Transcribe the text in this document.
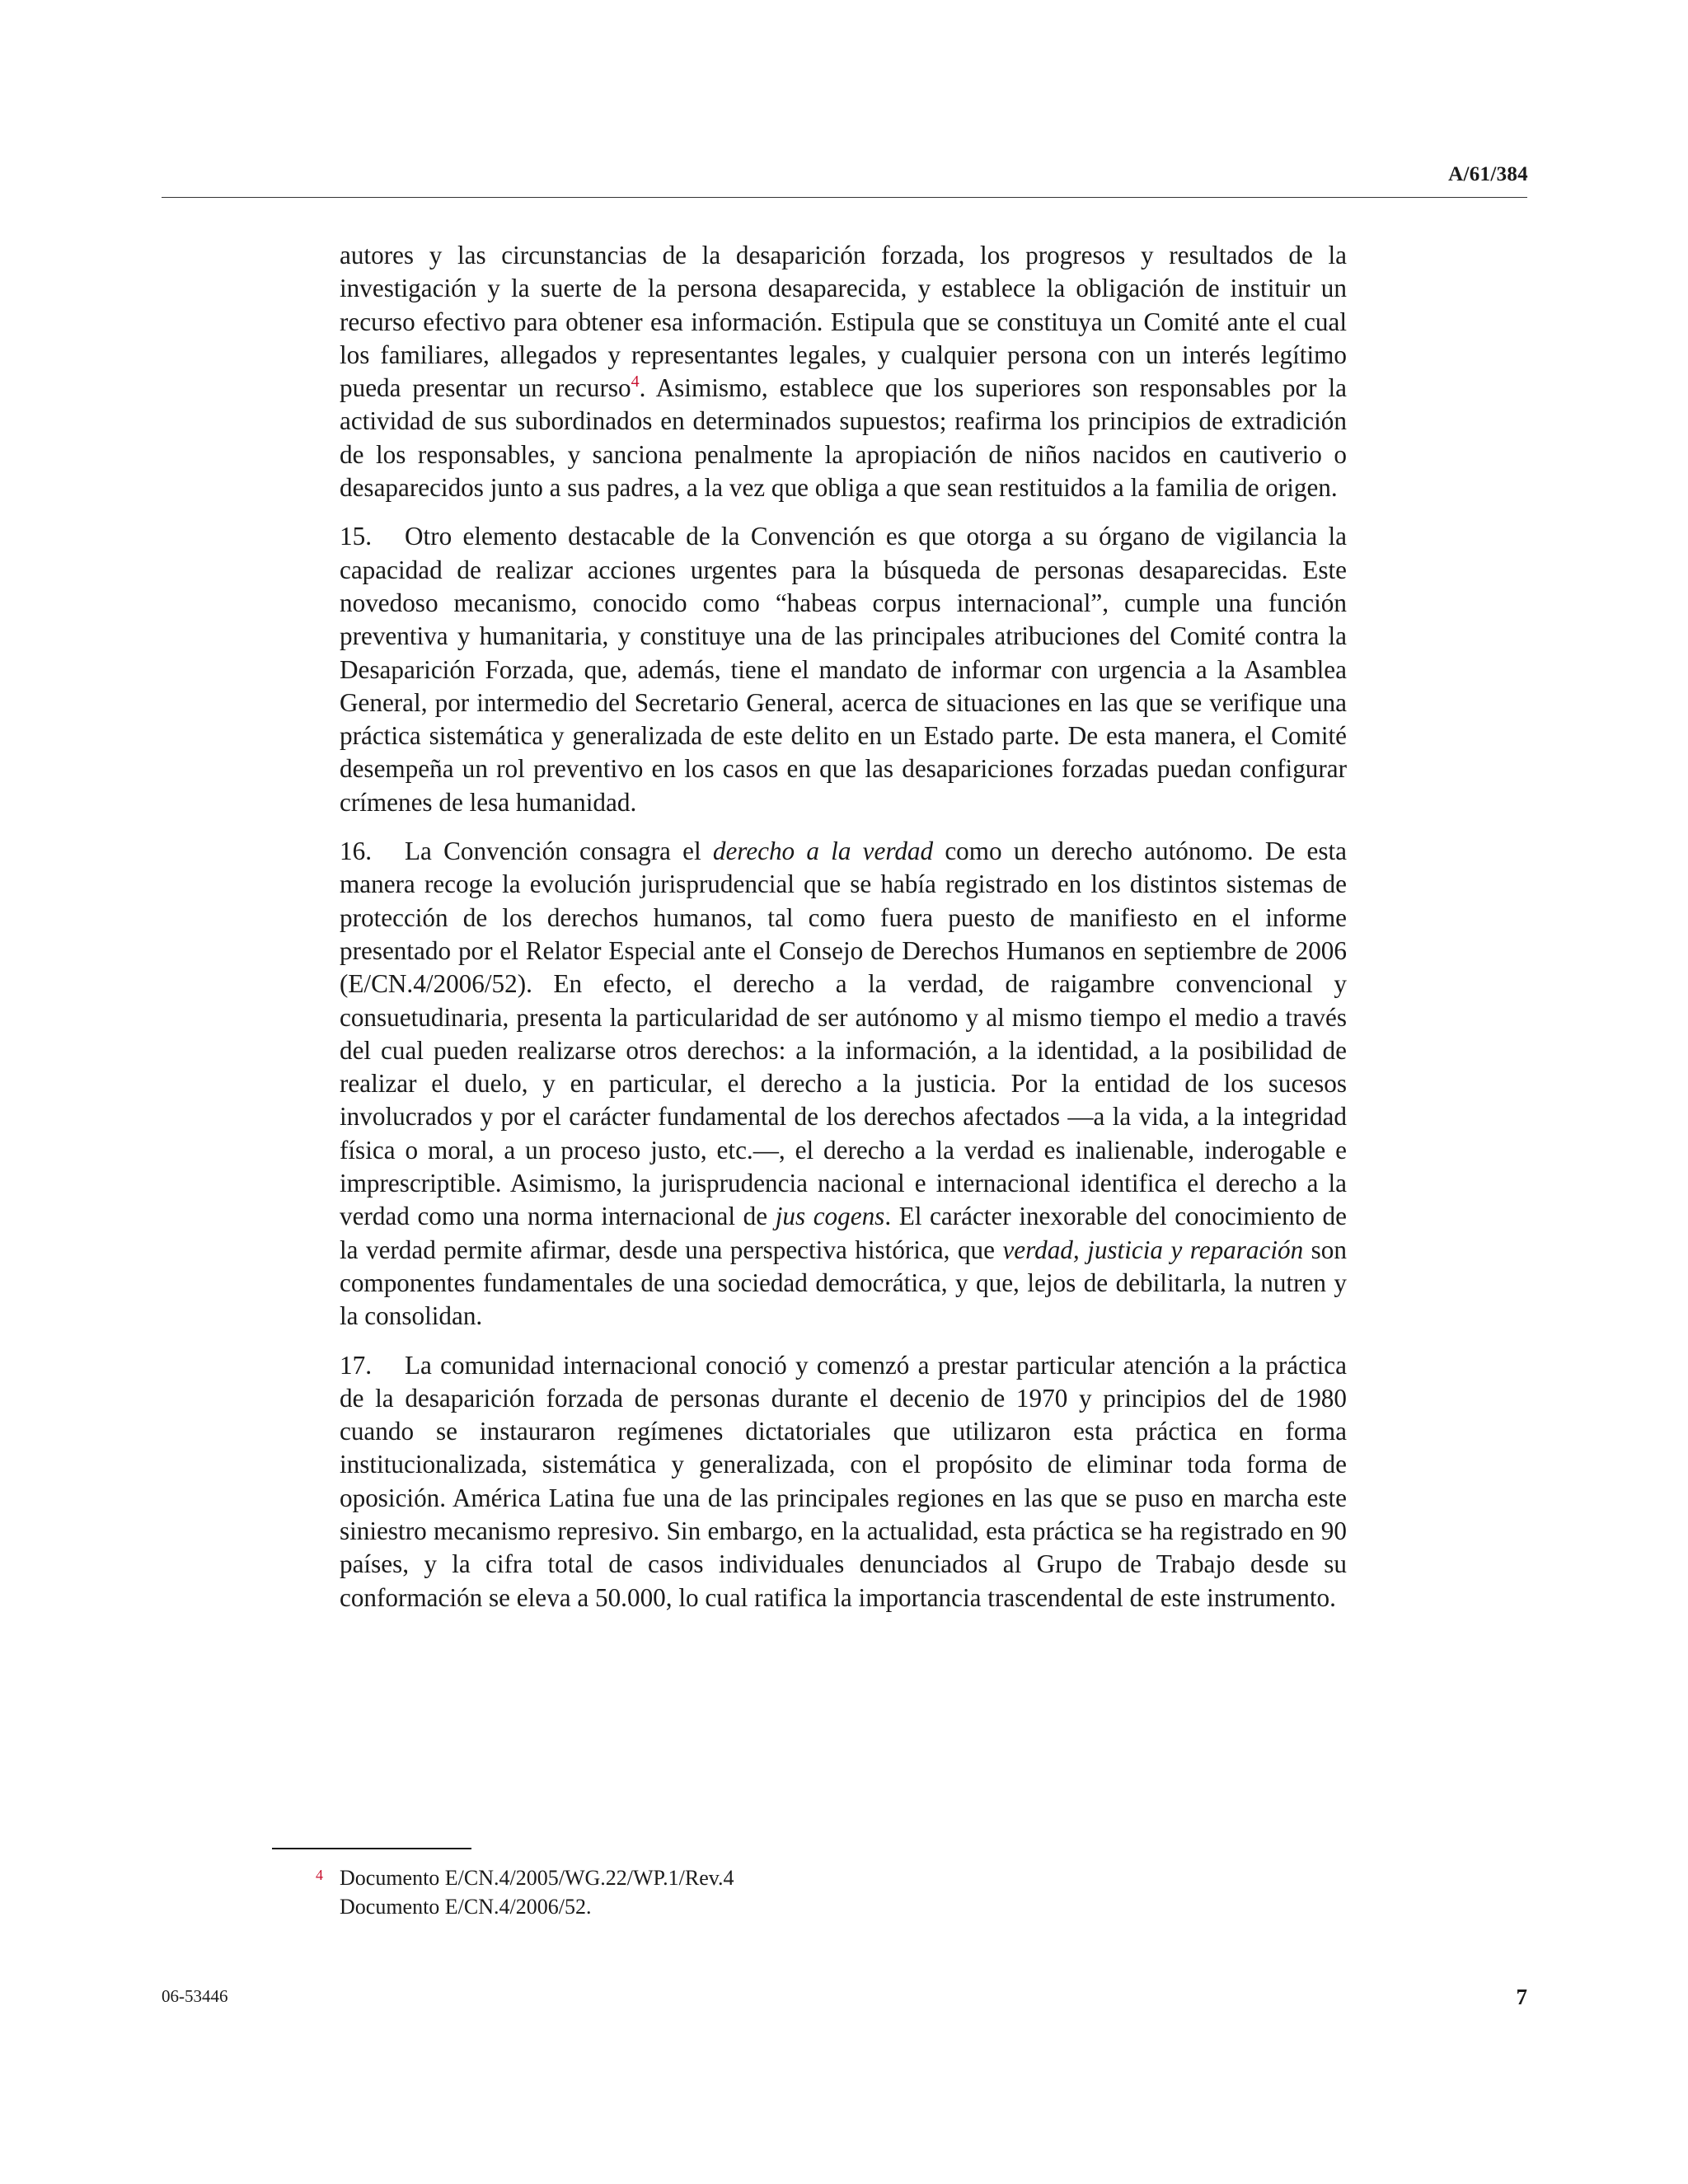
A/61/384

autores y las circunstancias de la desaparición forzada, los progresos y resultados de la investigación y la suerte de la persona desaparecida, y establece la obligación de instituir un recurso efectivo para obtener esa información. Estipula que se constituya un Comité ante el cual los familiares, allegados y representantes legales, y cualquier persona con un interés legítimo pueda presentar un recurso$^4$. Asimismo, establece que los superiores son responsables por la actividad de sus subordinados en determinados supuestos; reafirma los principios de extradición de los responsables, y sanciona penalmente la apropiación de niños nacidos en cautiverio o desaparecidos junto a sus padres, a la vez que obliga a que sean restituidos a la familia de origen.

15. Otro elemento destacable de la Convención es que otorga a su órgano de vigilancia la capacidad de realizar acciones urgentes para la búsqueda de personas desaparecidas. Este novedoso mecanismo, conocido como “habeas corpus internacional”, cumple una función preventiva y humanitaria, y constituye una de las principales atribuciones del Comité contra la Desaparición Forzada, que, además, tiene el mandato de informar con urgencia a la Asamblea General, por intermedio del Secretario General, acerca de situaciones en las que se verifique una práctica sistemática y generalizada de este delito en un Estado parte. De esta manera, el Comité desempeña un rol preventivo en los casos en que las desapariciones forzadas puedan configurar crímenes de lesa humanidad.

16. La Convención consagra el derecho a la verdad como un derecho autónomo. De esta manera recoge la evolución jurisprudencial que se había registrado en los distintos sistemas de protección de los derechos humanos, tal como fuera puesto de manifiesto en el informe presentado por el Relator Especial ante el Consejo de Derechos Humanos en septiembre de 2006 (E/CN.4/2006/52). En efecto, el derecho a la verdad, de raigambre convencional y consuetudinaria, presenta la particularidad de ser autónomo y al mismo tiempo el medio a través del cual pueden realizarse otros derechos: a la información, a la identidad, a la posibilidad de realizar el duelo, y en particular, el derecho a la justicia. Por la entidad de los sucesos involucrados y por el carácter fundamental de los derechos afectados —a la vida, a la integridad física o moral, a un proceso justo, etc.—, el derecho a la verdad es inalienable, inderogable e imprescriptible. Asimismo, la jurisprudencia nacional e internacional identifica el derecho a la verdad como una norma internacional de jus cogens. El carácter inexorable del conocimiento de la verdad permite afirmar, desde una perspectiva histórica, que verdad, justicia y reparación son componentes fundamentales de una sociedad democrática, y que, lejos de debilitarla, la nutren y la consolidan.

17. La comunidad internacional conoció y comenzó a prestar particular atención a la práctica de la desaparición forzada de personas durante el decenio de 1970 y principios del de 1980 cuando se instauraron regímenes dictatoriales que utilizaron esta práctica en forma institucionalizada, sistemática y generalizada, con el propósito de eliminar toda forma de oposición. América Latina fue una de las principales regiones en las que se puso en marcha este siniestro mecanismo represivo. Sin embargo, en la actualidad, esta práctica se ha registrado en 90 países, y la cifra total de casos individuales denunciados al Grupo de Trabajo desde su conformación se eleva a 50.000, lo cual ratifica la importancia trascendental de este instrumento.

4 Documento E/CN.4/2005/WG.22/WP.1/Rev.4
Documento E/CN.4/2006/52.
06-53446	7
